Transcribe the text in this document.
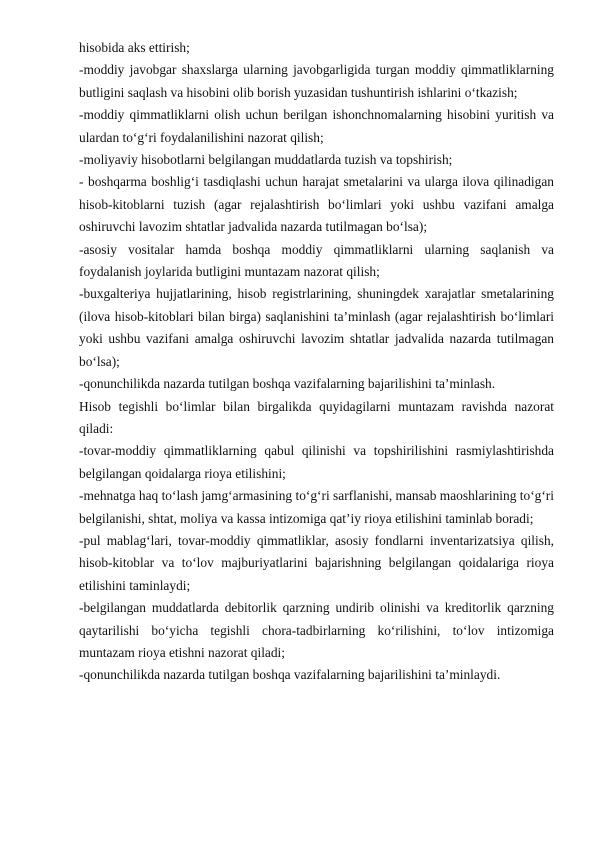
hisobida aks ettirish;

-moddiy javobgar shaxslarga ularning javobgarligida turgan moddiy qimmatliklarning butligini saqlash va hisobini olib borish yuzasidan tushuntirish ishlarini o‘tkazish;

-moddiy qimmatliklarni olish uchun berilgan ishonchnomalarning hisobini yuritish va ulardan to‘g‘ri foydalanilishini nazorat qilish;

-moliyaviy hisobotlarni belgilangan muddatlarda tuzish va topshirish;

- boshqarma boshlig‘i tasdiqlashi uchun harajat smetalarini va ularga ilova qilinadigan hisob-kitoblarni tuzish (agar rejalashtirish bo‘limlari yoki ushbu vazifani amalga oshiruvchi lavozim shtatlar jadvalida nazarda tutilmagan bo‘lsa);

-asosiy vositalar hamda boshqa moddiy qimmatliklarni ularning saqlanish va foydalanish joylarida butligini muntazam nazorat qilish;

-buxgalteriya hujjatlarining, hisob registrlarining, shuningdek xarajatlar smetalarining (ilova hisob-kitoblari bilan birga) saqlanishini ta’minlash (agar rejalashtirish bo‘limlari yoki ushbu vazifani amalga oshiruvchi lavozim shtatlar jadvalida nazarda tutilmagan bo‘lsa);

-qonunchilikda nazarda tutilgan boshqa vazifalarning bajarilishini ta’minlash.

Hisob tegishli bo‘limlar bilan birgalikda quyidagilarni muntazam ravishda nazorat qiladi:

-tovar-moddiy qimmatliklarning qabul qilinishi va topshirilishini rasmiylashtirishda belgilangan qoidalarga rioya etilishini;

-mehnatga haq to‘lash jamg‘armasining to‘g‘ri sarflanishi, mansab maoshlarining to‘g‘ri belgilanishi, shtat, moliya va kassa intizomiga qat’iy rioya etilishini taminlab boradi;

-pul mablag‘lari, tovar-moddiy qimmatliklar, asosiy fondlarni inventarizatsiya qilish, hisob-kitoblar va to‘lov majburiyatlarini bajarishning belgilangan qoidalariga rioya etilishini taminlaydi;

-belgilangan muddatlarda debitorlik qarzning undirib olinishi va kreditorlik qarzning qaytarilishi bo‘yicha tegishli chora-tadbirlarning ko‘rilishini, to‘lov intizomiga muntazam rioya etishni nazorat qiladi;

-qonunchilikda nazarda tutilgan boshqa vazifalarning bajarilishini ta’minlaydi.
